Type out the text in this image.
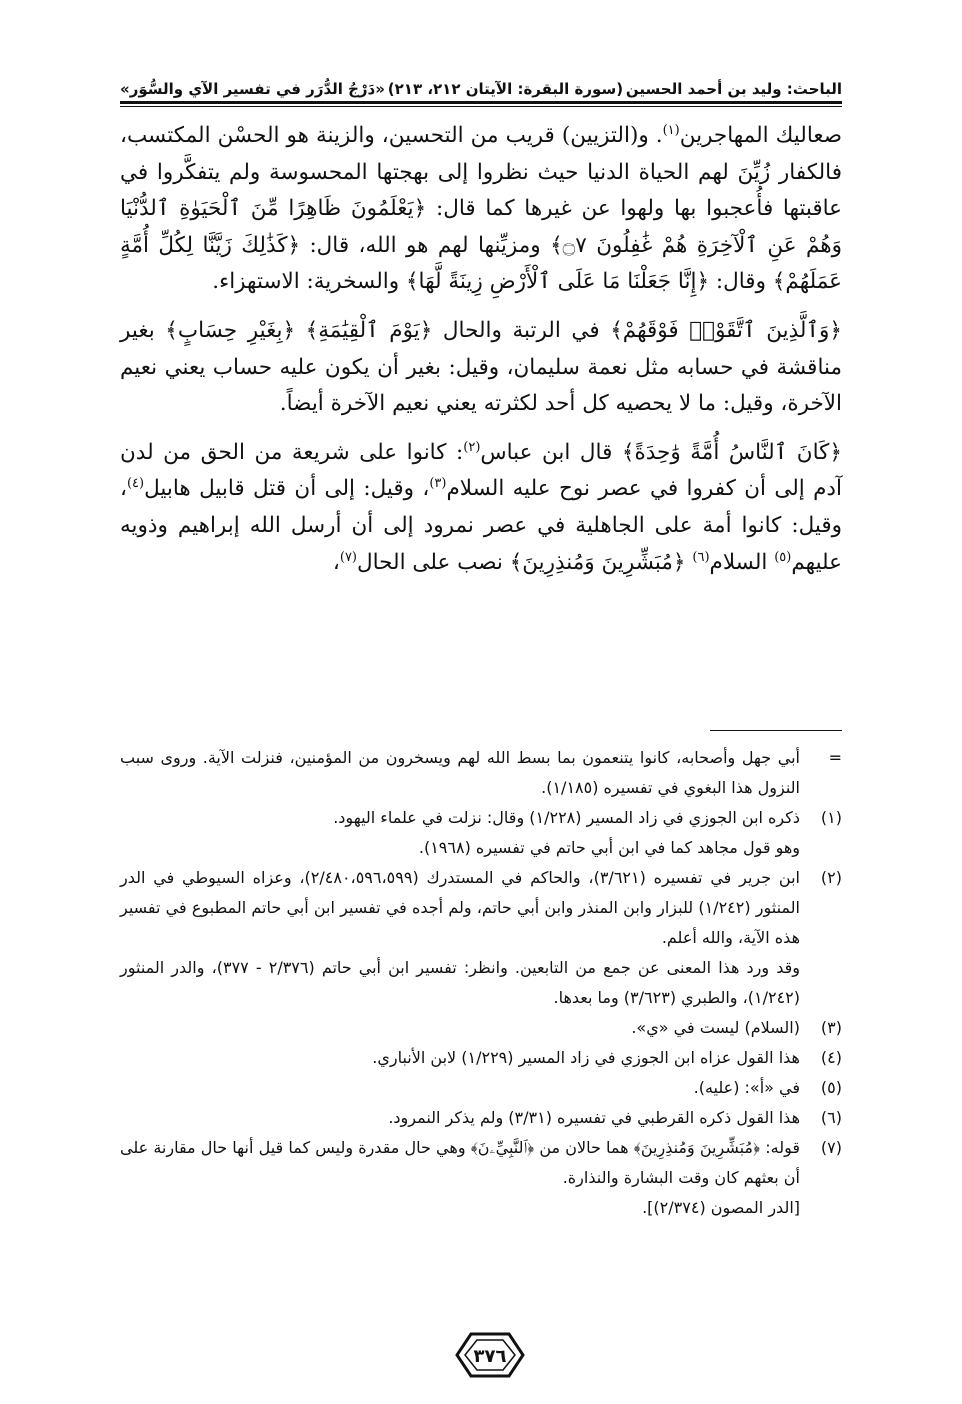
الباحث: وليد بن أحمد الحسين
(سورة البقرة: الآيتان ٢١٢، ٢١٣)
«دَرْجُ الدُّرَر في تفسير الآي والسُّوَر»

صعاليك المهاجرين$^{(١)}$. و(التزيين) قريب من التحسين، والزينة هو الحسْن المكتسب، فالكفار زُيِّنَ لهم الحياة الدنيا حيث نظروا إلى بهجتها المحسوسة ولم يتفكَّروا في عاقبتها فأُعجبوا بها ولهوا عن غيرها كما قال: ﴿يَعْلَمُونَ ظَاهِرًا مِّنَ ٱلْحَيَوٰةِ ٱلدُّنْيَا وَهُمْ عَنِ ٱلْآخِرَةِ هُمْ غَٰفِلُونَ ۝٧﴾ ومزيِّنها لهم هو الله، قال: ﴿كَذَٰلِكَ زَيَّنَّا لِكُلِّ أُمَّةٍ عَمَلَهُمْ﴾ وقال: ﴿إِنَّا جَعَلْنَا مَا عَلَى ٱلْأَرْضِ زِينَةً لَّهَا﴾ والسخرية: الاستهزاء.

﴿وَٱلَّذِينَ ٱتَّقَوْا۟ فَوْقَهُمْ﴾ في الرتبة والحال ﴿يَوْمَ ٱلْقِيَٰمَةِ﴾ ﴿بِغَيْرِ حِسَابٍ﴾ بغير مناقشة في حسابه مثل نعمة سليمان، وقيل: بغير أن يكون عليه حساب يعني نعيم الآخرة، وقيل: ما لا يحصيه كل أحد لكثرته يعني نعيم الآخرة أيضاً.

﴿كَانَ ٱلنَّاسُ أُمَّةً وَٰحِدَةً﴾ قال ابن عباس$^{(٢)}$: كانوا على شريعة من الحق من لدن آدم إلى أن كفروا في عصر نوح عليه السلام$^{(٣)}$، وقيل: إلى أن قتل قابيل هابيل$^{(٤)}$، وقيل: كانوا أمة على الجاهلية في عصر نمرود إلى أن أرسل الله إبراهيم وذويه عليهم$^{(٥)}$ السلام$^{(٦)}$ ﴿مُبَشِّرِينَ وَمُنذِرِينَ﴾ نصب على الحال$^{(٧)}$،

=
أبي جهل وأصحابه، كانوا يتنعمون بما بسط الله لهم ويسخرون من المؤمنين، فنزلت الآية. وروى سبب النزول هذا البغوي في تفسيره (١/١٨٥).
(١)
ذكره ابن الجوزي في زاد المسير (١/٢٢٨) وقال: نزلت في علماء اليهود.
وهو قول مجاهد كما في ابن أبي حاتم في تفسيره (١٩٦٨).
(٢)
ابن جرير في تفسيره (٣/٦٢١)، والحاكم في المستدرك (٢/٤٨٠،٥٩٦،٥٩٩)، وعزاه السيوطي في الدر المنثور (١/٢٤٢) للبزار وابن المنذر وابن أبي حاتم، ولم أجده في تفسير ابن أبي حاتم المطبوع في تفسير هذه الآية، والله أعلم.
وقد ورد هذا المعنى عن جمع من التابعين. وانظر: تفسير ابن أبي حاتم (٢/٣٧٦ - ٣٧٧)، والدر المنثور (١/٢٤٢)، والطبري (٣/٦٢٣) وما بعدها.
(٣)
(السلام) ليست في «ي».
(٤)
هذا القول عزاه ابن الجوزي في زاد المسير (١/٢٢٩) لابن الأنباري.
(٥)
في «أ»: (عليه).
(٦)
هذا القول ذكره القرطبي في تفسيره (٣/٣١) ولم يذكر النمرود.
(٧)
قوله: ﴿مُبَشِّرِينَ وَمُنذِرِينَ﴾ هما حالان من ﴿ٱلنَّبِيِّۦنَ﴾ وهي حال مقدرة وليس كما قيل أنها حال مقارنة على أن بعثهم كان وقت البشارة والنذارة.
[الدر المصون (٢/٣٧٤)].
٣٧٦
